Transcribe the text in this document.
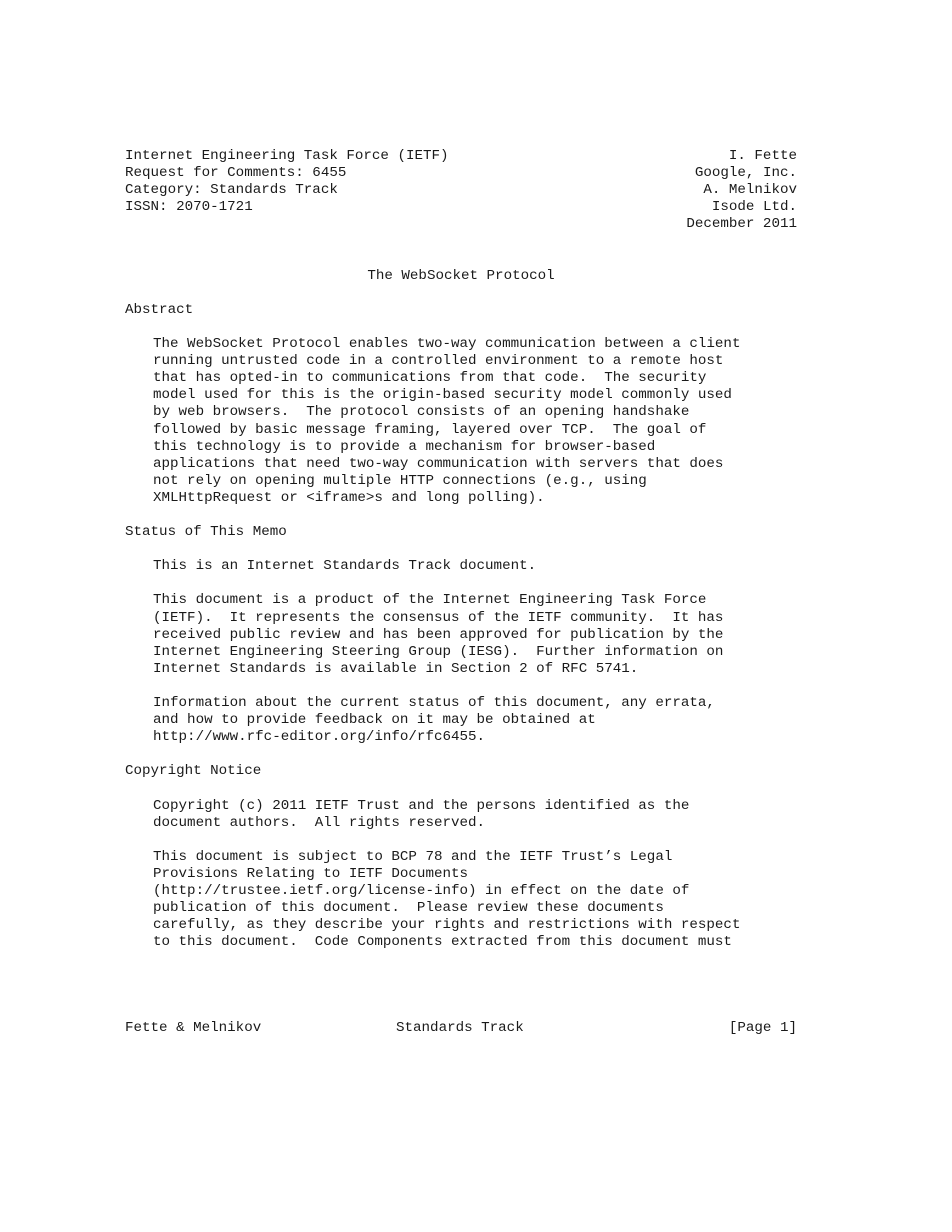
Internet Engineering Task Force (IETF)	I. Fette
Request for Comments: 6455	Google, Inc.
Category: Standards Track	A. Melnikov
ISSN: 2070-1721	Isode Ltd.
December 2011
The WebSocket Protocol
Abstract
The WebSocket Protocol enables two-way communication between a client
running untrusted code in a controlled environment to a remote host
that has opted-in to communications from that code.  The security
model used for this is the origin-based security model commonly used
by web browsers.  The protocol consists of an opening handshake
followed by basic message framing, layered over TCP.  The goal of
this technology is to provide a mechanism for browser-based
applications that need two-way communication with servers that does
not rely on opening multiple HTTP connections (e.g., using
XMLHttpRequest or <iframe>s and long polling).
Status of This Memo
This is an Internet Standards Track document.
This document is a product of the Internet Engineering Task Force
(IETF).  It represents the consensus of the IETF community.  It has
received public review and has been approved for publication by the
Internet Engineering Steering Group (IESG).  Further information on
Internet Standards is available in Section 2 of RFC 5741.
Information about the current status of this document, any errata,
and how to provide feedback on it may be obtained at
http://www.rfc-editor.org/info/rfc6455.
Copyright Notice
Copyright (c) 2011 IETF Trust and the persons identified as the
document authors.  All rights reserved.
This document is subject to BCP 78 and the IETF Trust’s Legal
Provisions Relating to IETF Documents
(http://trustee.ietf.org/license-info) in effect on the date of
publication of this document.  Please review these documents
carefully, as they describe your rights and restrictions with respect
to this document.  Code Components extracted from this document must

Fette & Melnikov

	Standards Track

	[Page 1]
